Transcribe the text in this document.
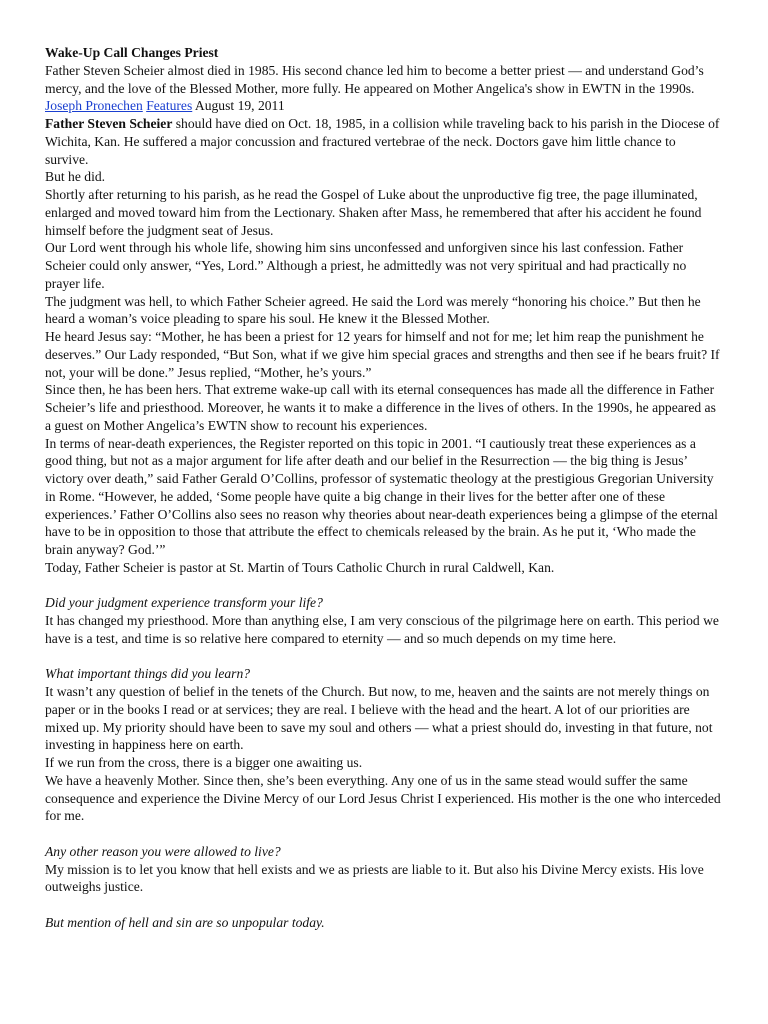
Wake-Up Call Changes Priest

Father Steven Scheier almost died in 1985. His second chance led him to become a better priest — and understand God’s mercy, and the love of the Blessed Mother, more fully. He appeared on Mother Angelica's show in EWTN in the 1990s.

Joseph Pronechen Features August 19, 2011

Father Steven Scheier should have died on Oct. 18, 1985, in a collision while traveling back to his parish in the Diocese of Wichita, Kan. He suffered a major concussion and fractured vertebrae of the neck. Doctors gave him little chance to survive.

But he did.

Shortly after returning to his parish, as he read the Gospel of Luke about the unproductive fig tree, the page illuminated, enlarged and moved toward him from the Lectionary. Shaken after Mass, he remembered that after his accident he found himself before the judgment seat of Jesus.

Our Lord went through his whole life, showing him sins unconfessed and unforgiven since his last confession. Father Scheier could only answer, “Yes, Lord.” Although a priest, he admittedly was not very spiritual and had practically no prayer life.

The judgment was hell, to which Father Scheier agreed. He said the Lord was merely “honoring his choice.” But then he heard a woman’s voice pleading to spare his soul. He knew it the Blessed Mother.

He heard Jesus say: “Mother, he has been a priest for 12 years for himself and not for me; let him reap the punishment he deserves.” Our Lady responded, “But Son, what if we give him special graces and strengths and then see if he bears fruit? If not, your will be done.” Jesus replied, “Mother, he’s yours.”

Since then, he has been hers. That extreme wake-up call with its eternal consequences has made all the difference in Father Scheier’s life and priesthood. Moreover, he wants it to make a difference in the lives of others. In the 1990s, he appeared as a guest on Mother Angelica’s EWTN show to recount his experiences.

In terms of near-death experiences, the Register reported on this topic in 2001. “I cautiously treat these experiences as a good thing, but not as a major argument for life after death and our belief in the Resurrection — the big thing is Jesus’ victory over death,” said Father Gerald O’Collins, professor of systematic theology at the prestigious Gregorian University in Rome. “However, he added, ‘Some people have quite a big change in their lives for the better after one of these experiences.’ Father O’Collins also sees no reason why theories about near-death experiences being a glimpse of the eternal have to be in opposition to those that attribute the effect to chemicals released by the brain. As he put it, ‘Who made the brain anyway? God.’”

Today, Father Scheier is pastor at St. Martin of Tours Catholic Church in rural Caldwell, Kan.

Did your judgment experience transform your life?

It has changed my priesthood. More than anything else, I am very conscious of the pilgrimage here on earth. This period we have is a test, and time is so relative here compared to eternity — and so much depends on my time here.

What important things did you learn?

It wasn’t any question of belief in the tenets of the Church. But now, to me, heaven and the saints are not merely things on paper or in the books I read or at services; they are real. I believe with the head and the heart. A lot of our priorities are mixed up. My priority should have been to save my soul and others — what a priest should do, investing in that future, not investing in happiness here on earth.

If we run from the cross, there is a bigger one awaiting us.

We have a heavenly Mother. Since then, she’s been everything. Any one of us in the same stead would suffer the same consequence and experience the Divine Mercy of our Lord Jesus Christ I experienced. His mother is the one who interceded for me.

Any other reason you were allowed to live?

My mission is to let you know that hell exists and we as priests are liable to it. But also his Divine Mercy exists. His love outweighs justice.

But mention of hell and sin are so unpopular today.
